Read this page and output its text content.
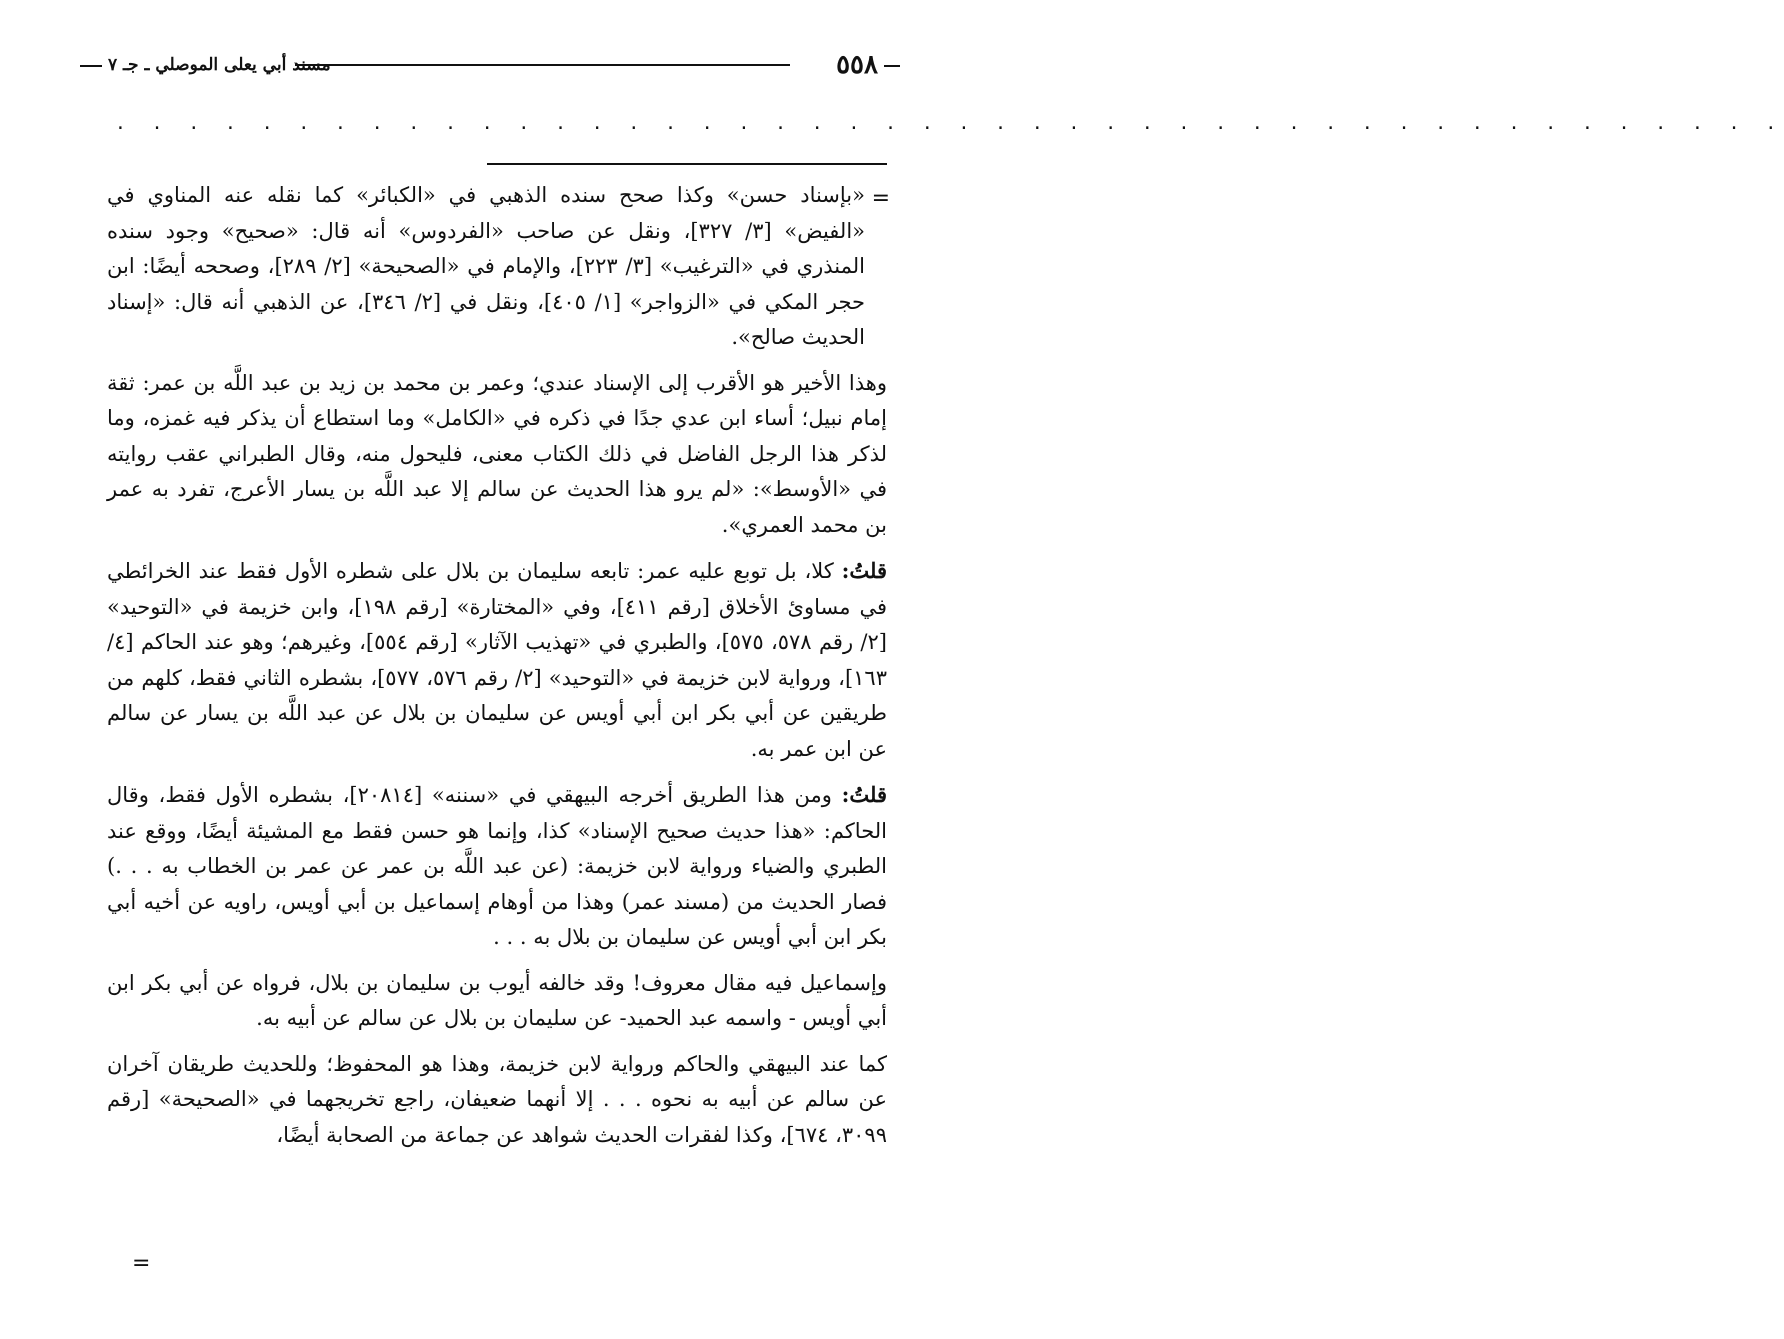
٥٥٨
مسند أبي يعلى الموصلي ـ جـ ٧
. . . . . . . . . . . . . . . . . . . . . . . . . . . . . . . . . . . . . . . . . . . . . .
=

«بإسناد حسن» وكذا صحح سنده الذهبي في «الكبائر» كما نقله عنه المناوي في «الفيض» [٣/ ٣٢٧]، ونقل عن صاحب «الفردوس» أنه قال: «صحيح» وجود سنده المنذري في «الترغيب» [٣/ ٢٢٣]، والإمام في «الصحيحة» [٢/ ٢٨٩]، وصححه أيضًا: ابن حجر المكي في «الزواجر» [١/ ٤٠٥]، ونقل في [٢/ ٣٤٦]، عن الذهبي أنه قال: «إسناد الحديث صالح».

وهذا الأخير هو الأقرب إلى الإسناد عندي؛ وعمر بن محمد بن زيد بن عبد اللَّه بن عمر: ثقة إمام نبيل؛ أساء ابن عدي جدًا في ذكره في «الكامل» وما استطاع أن يذكر فيه غمزه، وما لذكر هذا الرجل الفاضل في ذلك الكتاب معنى، فليحول منه، وقال الطبراني عقب روايته في «الأوسط»: «لم يرو هذا الحديث عن سالم إلا عبد اللَّه بن يسار الأعرج، تفرد به عمر بن محمد العمري».

قلتُ: كلا، بل توبع عليه عمر: تابعه سليمان بن بلال على شطره الأول فقط عند الخرائطي في مساوئ الأخلاق [رقم ٤١١]، وفي «المختارة» [رقم ١٩٨]، وابن خزيمة في «التوحيد» [٢/ رقم ٥٧٨، ٥٧٥]، والطبري في «تهذيب الآثار» [رقم ٥٥٤]، وغيرهم؛ وهو عند الحاكم [٤/ ١٦٣]، ورواية لابن خزيمة في «التوحيد» [٢/ رقم ٥٧٦، ٥٧٧]، بشطره الثاني فقط، كلهم من طريقين عن أبي بكر ابن أبي أويس عن سليمان بن بلال عن عبد اللَّه بن يسار عن سالم عن ابن عمر به.

قلتُ: ومن هذا الطريق أخرجه البيهقي في «سننه» [٢٠٨١٤]، بشطره الأول فقط، وقال الحاكم: «هذا حديث صحيح الإسناد» كذا، وإنما هو حسن فقط مع المشيئة أيضًا، ووقع عند الطبري والضياء ورواية لابن خزيمة: (عن عبد اللَّه بن عمر عن عمر بن الخطاب به . . .) فصار الحديث من (مسند عمر) وهذا من أوهام إسماعيل بن أبي أويس، راويه عن أخيه أبي بكر ابن أبي أويس عن سليمان بن بلال به . . .

وإسماعيل فيه مقال معروف! وقد خالفه أيوب بن سليمان بن بلال، فرواه عن أبي بكر ابن أبي أويس - واسمه عبد الحميد- عن سليمان بن بلال عن سالم عن أبيه به.

كما عند البيهقي والحاكم ورواية لابن خزيمة، وهذا هو المحفوظ؛ وللحديث طريقان آخران عن سالم عن أبيه به نحوه . . . إلا أنهما ضعيفان، راجع تخريجهما في «الصحيحة» [رقم ٣٠٩٩، ٦٧٤]، وكذا لفقرات الحديث شواهد عن جماعة من الصحابة أيضًا،

=
